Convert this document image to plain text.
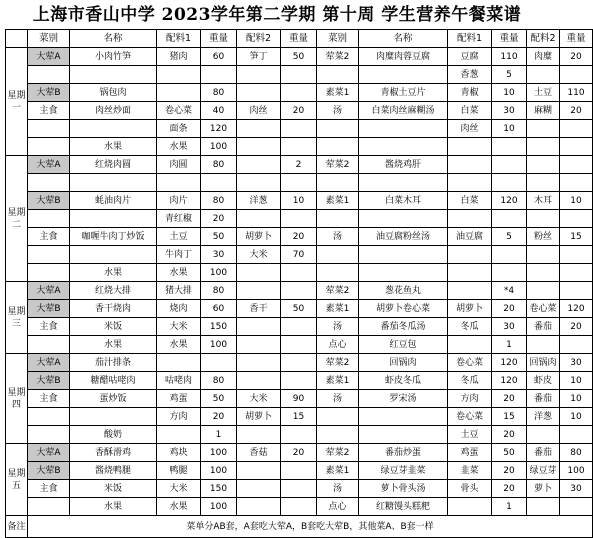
上海市香山中学 2023学年第二学期 第十周 学生营养午餐菜谱
	菜别	名称	配料1	重量	配料2	重量	菜别	名称	配料1	重量	配料2	重量

星期一	大荤A	小肉竹笋	猪肉	60	笋丁	50	荤菜2	肉糜肉蓉豆腐	豆腐	110	肉糜	20
									香葱	5		
	大荤B	锅包肉		80			素菜1	青椒土豆片	青椒	10	土豆	110
	主食	肉丝炒面	卷心菜	40	肉丝	20	汤	白菜肉丝麻糊汤	白菜	30	麻糊	20
			面条	120					肉丝	10		
		水果	水果	100								

星期二	大荤A	红烧肉圆	肉圆	80		2	荤菜2	酱烧鸡肝				

	大荤B	蚝油肉片	肉片	80	洋葱	10	素菜1	白菜木耳	白菜	120	木耳	10
			青红椒	20								
	主食	咖喱牛肉丁炒饭	土豆	50	胡萝卜	20	汤	油豆腐粉丝汤	油豆腐	5	粉丝	15
			牛肉丁	30	大米	70						
		水果	水果	100								

星期三	大荤A	红烧大排	猪大排	80			荤菜2	葱花鱼丸		*4		
	大荤B	香干烧肉	烧肉	60	香干	50	素菜1	胡萝卜卷心菜	胡萝卜	20	卷心菜	120
	主食	米饭	大米	150			汤	番茄冬瓜汤	冬瓜	30	番茄	20
		水果	水果	100			点心	红豆包		1		

星期四	大荤A	茄汁排条					荤菜2	回锅肉	卷心菜	120	回锅肉	30
	大荤B	糖醋咕咾肉	咕咾肉	80			素菜1	虾皮冬瓜	冬瓜	120	虾皮	10
	主食	蛋炒饭	鸡蛋	50	大米	90	汤	罗宋汤	方肉	20	番茄	10
			方肉	20	胡萝卜	15			卷心菜	15	洋葱	10
		酸奶		1					土豆	20		

星期五	大荤A	香酥滑鸡	鸡块	100	香菇	20	荤菜2	番茄炒蛋	鸡蛋	50	番茄	80
	大荤B	酱烧鸭腿	鸭腿	100			素菜1	绿豆芽韭菜	韭菜	20	绿豆芽	100
	主食	米饭	大米	150			汤	萝卜骨头汤	骨头	20	萝卜	30
		水果	水果	100			点心	红糖馒头糕粑		1		
备注	菜单分AB套，A套吃大荤A，B套吃大荤B，其他菜A、B套一样											
